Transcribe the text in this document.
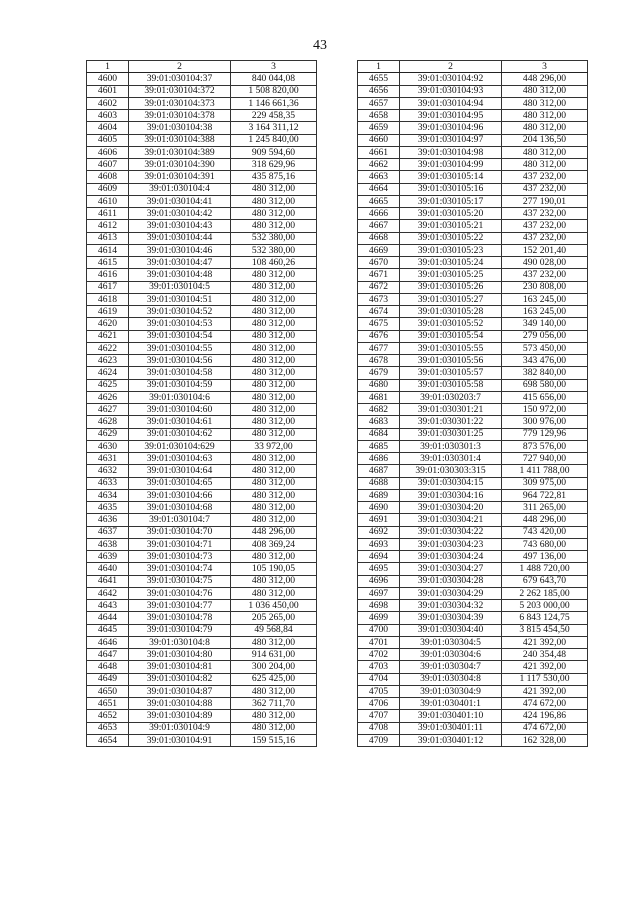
43
1	2	3
4600	39:01:030104:37	840 044,08
4601	39:01:030104:372	1 508 820,00
4602	39:01:030104:373	1 146 661,36
4603	39:01:030104:378	229 458,35
4604	39:01:030104:38	3 164 311,12
4605	39:01:030104:388	1 245 840,00
4606	39:01:030104:389	909 594,60
4607	39:01:030104:390	318 629,96
4608	39:01:030104:391	435 875,16
4609	39:01:030104:4	480 312,00
4610	39:01:030104:41	480 312,00
4611	39:01:030104:42	480 312,00
4612	39:01:030104:43	480 312,00
4613	39:01:030104:44	532 380,00
4614	39:01:030104:46	532 380,00
4615	39:01:030104:47	108 460,26
4616	39:01:030104:48	480 312,00
4617	39:01:030104:5	480 312,00
4618	39:01:030104:51	480 312,00
4619	39:01:030104:52	480 312,00
4620	39:01:030104:53	480 312,00
4621	39:01:030104:54	480 312,00
4622	39:01:030104:55	480 312,00
4623	39:01:030104:56	480 312,00
4624	39:01:030104:58	480 312,00
4625	39:01:030104:59	480 312,00
4626	39:01:030104:6	480 312,00
4627	39:01:030104:60	480 312,00
4628	39:01:030104:61	480 312,00
4629	39:01:030104:62	480 312,00
4630	39:01:030104:629	33 972,00
4631	39:01:030104:63	480 312,00
4632	39:01:030104:64	480 312,00
4633	39:01:030104:65	480 312,00
4634	39:01:030104:66	480 312,00
4635	39:01:030104:68	480 312,00
4636	39:01:030104:7	480 312,00
4637	39:01:030104:70	448 296,00
4638	39:01:030104:71	408 369,24
4639	39:01:030104:73	480 312,00
4640	39:01:030104:74	105 190,05
4641	39:01:030104:75	480 312,00
4642	39:01:030104:76	480 312,00
4643	39:01:030104:77	1 036 450,00
4644	39:01:030104:78	205 265,00
4645	39:01:030104:79	49 568,84
4646	39:01:030104:8	480 312,00
4647	39:01:030104:80	914 631,00
4648	39:01:030104:81	300 204,00
4649	39:01:030104:82	625 425,00
4650	39:01:030104:87	480 312,00
4651	39:01:030104:88	362 711,70
4652	39:01:030104:89	480 312,00
4653	39:01:030104:9	480 312,00
4654	39:01:030104:91	159 515,16
1	2	3
4655	39:01:030104:92	448 296,00
4656	39:01:030104:93	480 312,00
4657	39:01:030104:94	480 312,00
4658	39:01:030104:95	480 312,00
4659	39:01:030104:96	480 312,00
4660	39:01:030104:97	204 136,50
4661	39:01:030104:98	480 312,00
4662	39:01:030104:99	480 312,00
4663	39:01:030105:14	437 232,00
4664	39:01:030105:16	437 232,00
4665	39:01:030105:17	277 190,01
4666	39:01:030105:20	437 232,00
4667	39:01:030105:21	437 232,00
4668	39:01:030105:22	437 232,00
4669	39:01:030105:23	152 201,40
4670	39:01:030105:24	490 028,00
4671	39:01:030105:25	437 232,00
4672	39:01:030105:26	230 808,00
4673	39:01:030105:27	163 245,00
4674	39:01:030105:28	163 245,00
4675	39:01:030105:52	349 140,00
4676	39:01:030105:54	279 056,00
4677	39:01:030105:55	573 450,00
4678	39:01:030105:56	343 476,00
4679	39:01:030105:57	382 840,00
4680	39:01:030105:58	698 580,00
4681	39:01:030203:7	415 656,00
4682	39:01:030301:21	150 972,00
4683	39:01:030301:22	300 976,00
4684	39:01:030301:25	779 129,96
4685	39:01:030301:3	873 576,00
4686	39:01:030301:4	727 940,00
4687	39:01:030303:315	1 411 788,00
4688	39:01:030304:15	309 975,00
4689	39:01:030304:16	964 722,81
4690	39:01:030304:20	311 265,00
4691	39:01:030304:21	448 296,00
4692	39:01:030304:22	743 420,00
4693	39:01:030304:23	743 680,00
4694	39:01:030304:24	497 136,00
4695	39:01:030304:27	1 488 720,00
4696	39:01:030304:28	679 643,70
4697	39:01:030304:29	2 262 185,00
4698	39:01:030304:32	5 203 000,00
4699	39:01:030304:39	6 843 124,75
4700	39:01:030304:40	3 815 454,50
4701	39:01:030304:5	421 392,00
4702	39:01:030304:6	240 354,48
4703	39:01:030304:7	421 392,00
4704	39:01:030304:8	1 117 530,00
4705	39:01:030304:9	421 392,00
4706	39:01:030401:1	474 672,00
4707	39:01:030401:10	424 196,86
4708	39:01:030401:11	474 672,00
4709	39:01:030401:12	162 328,00
